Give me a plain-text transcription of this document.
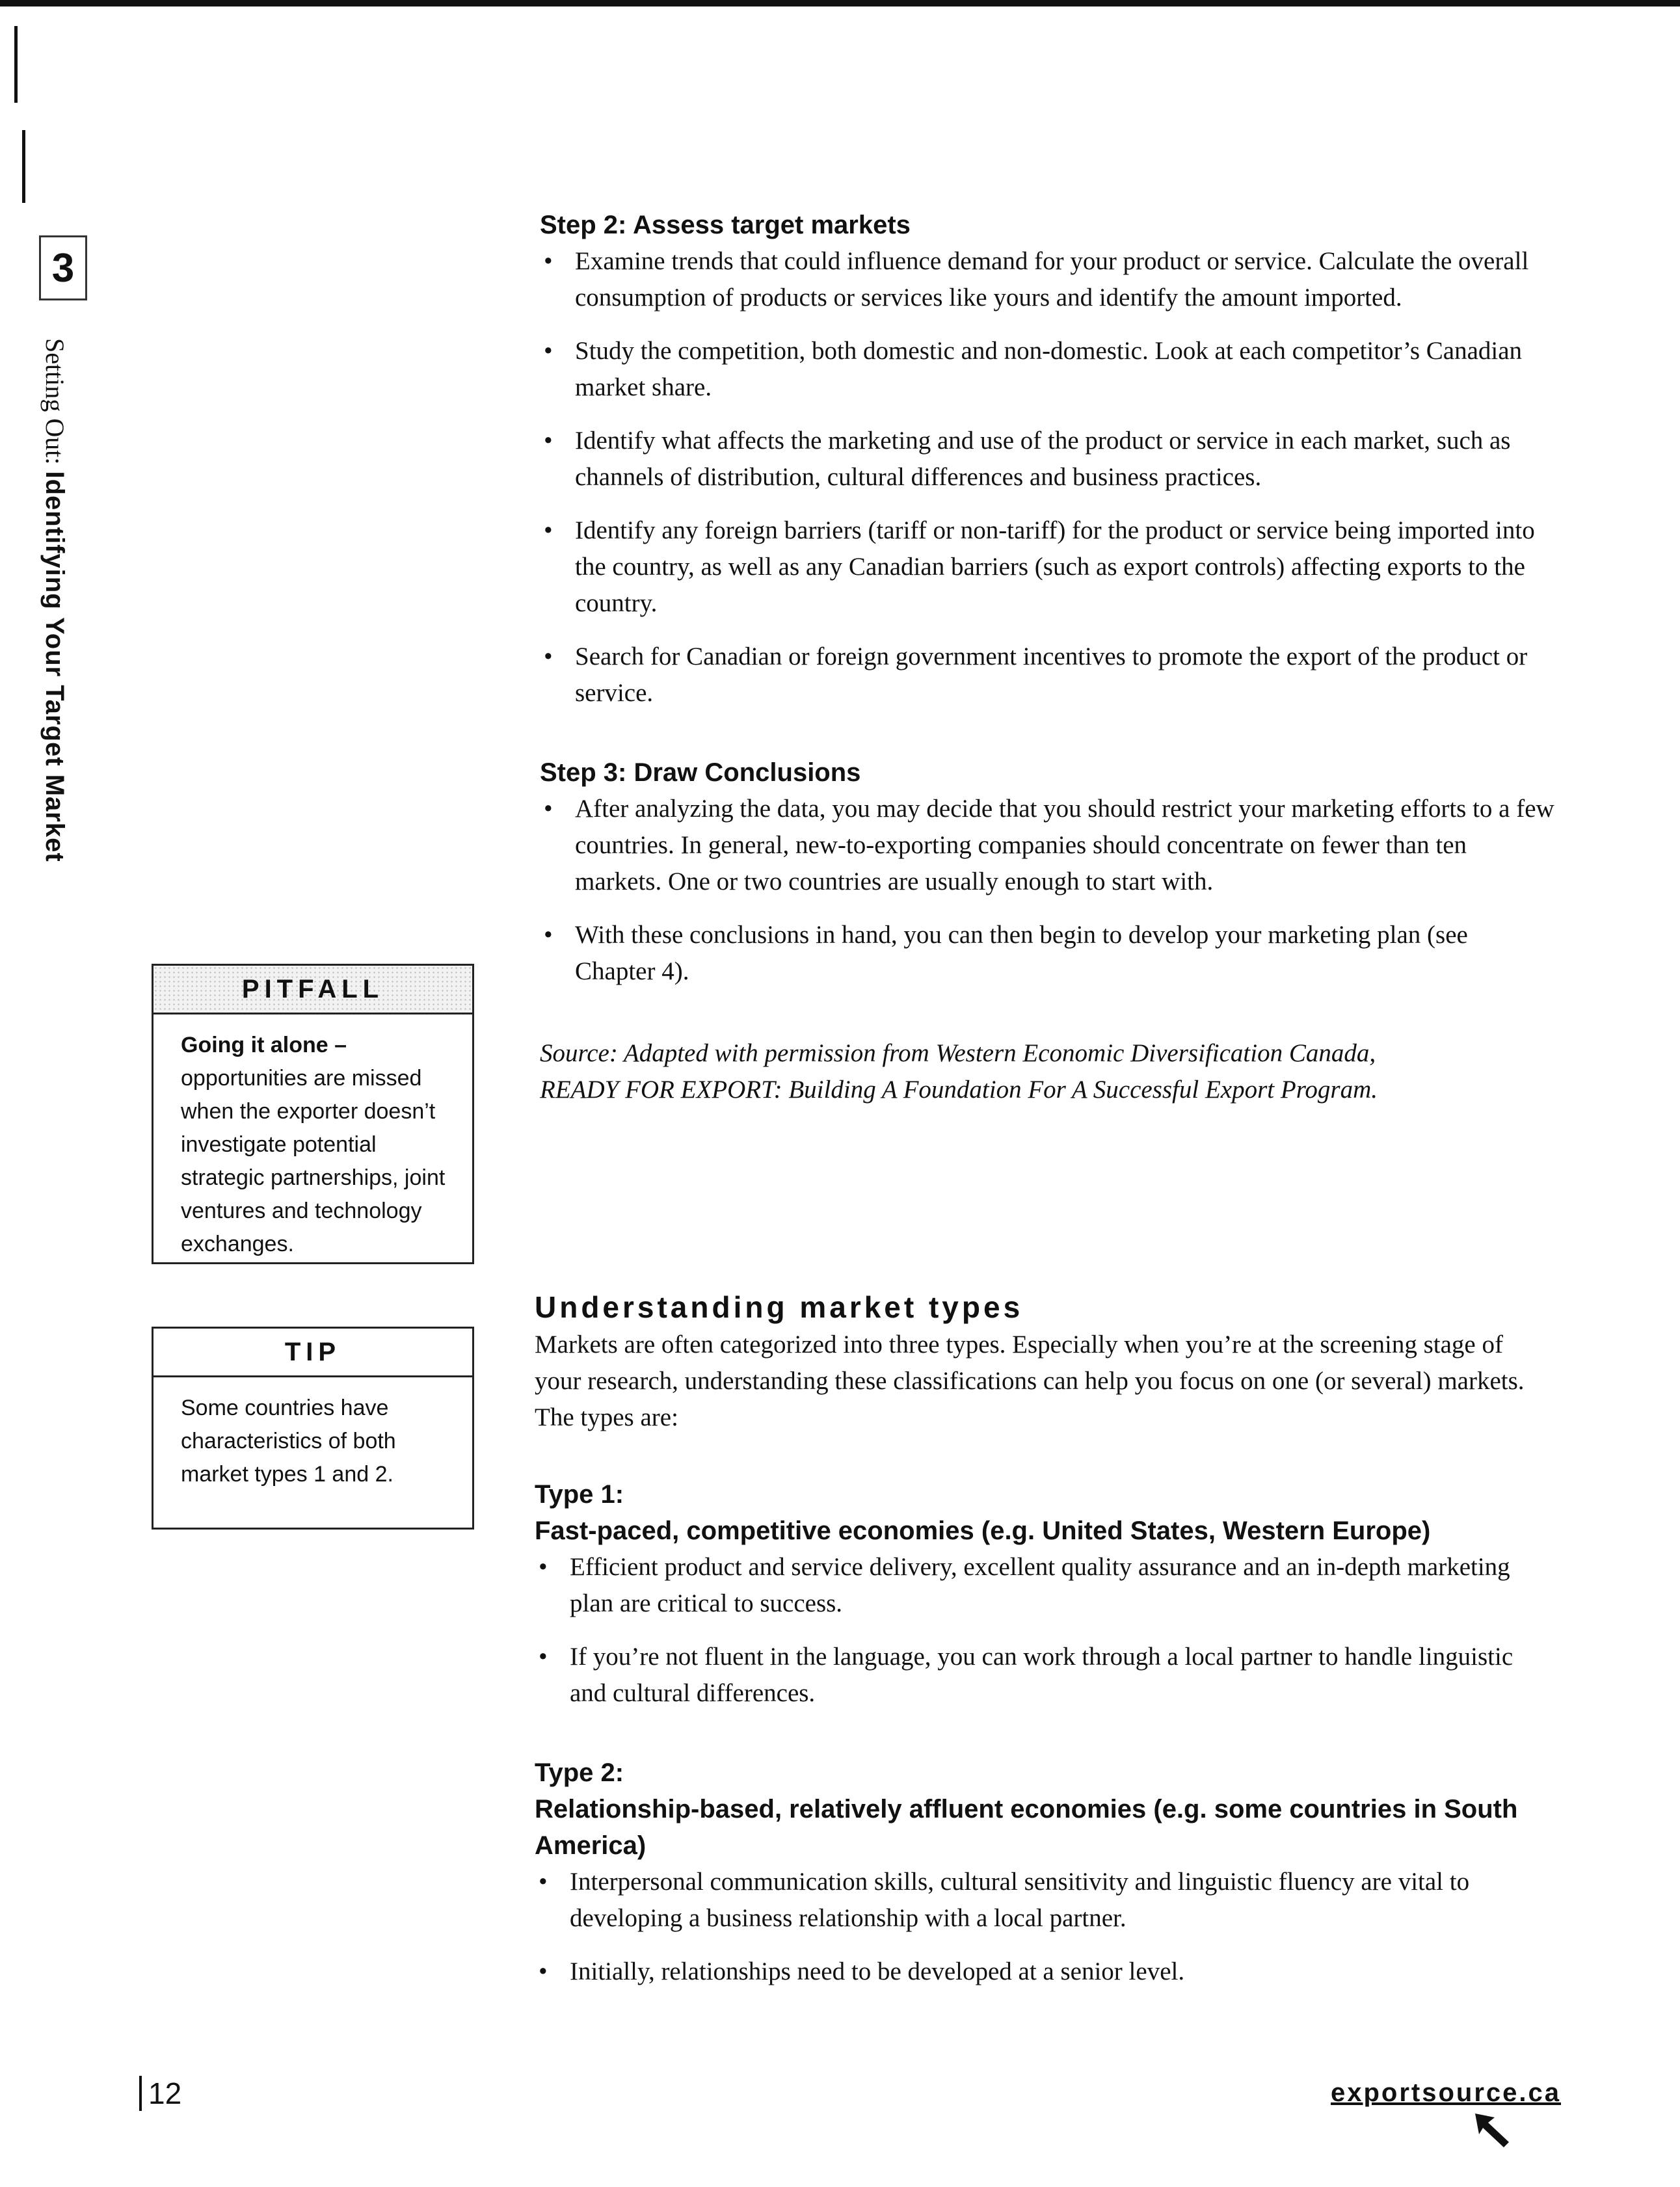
3
Setting Out: Identifying Your Target Market
Step 2: Assess target markets
• Examine trends that could influence demand for your product or service. Calculate the overall consumption of products or services like yours and identify the amount imported.
• Study the competition, both domestic and non-domestic. Look at each competitor’s Canadian market share.
• Identify what affects the marketing and use of the product or service in each market, such as channels of distribution, cultural differences and business practices.
• Identify any foreign barriers (tariff or non-tariff) for the product or service being imported into the country, as well as any Canadian barriers (such as export controls) affecting exports to the country.
• Search for Canadian or foreign government incentives to promote the export of the product or service.
Step 3: Draw Conclusions
• After analyzing the data, you may decide that you should restrict your marketing efforts to a few countries. In general, new-to-exporting companies should concentrate on fewer than ten markets. One or two countries are usually enough to start with.
• With these conclusions in hand, you can then begin to develop your marketing plan (see Chapter 4).
Source: Adapted with permission from Western Economic Diversification Canada,
READY FOR EXPORT: Building A Foundation For A Successful Export Program.
PITFALL
Going it alone –
opportunities are missed when the exporter doesn’t investigate potential strategic partnerships, joint ventures and technology exchanges.
TIP
Some countries have characteristics of both market types 1 and 2.
Understanding market types

Markets are often categorized into three types. Especially when you’re at the screening stage of your research, understanding these classifications can help you focus on one (or several) markets. The types are:

Type 1:
Fast-paced, competitive economies (e.g. United States, Western Europe)
• Efficient product and service delivery, excellent quality assurance and an in-depth marketing plan are critical to success.
• If you’re not fluent in the language, you can work through a local partner to handle linguistic and cultural differences.
Type 2:
Relationship-based, relatively affluent economies (e.g. some countries in South America)
• Interpersonal communication skills, cultural sensitivity and linguistic fluency are vital to developing a business relationship with a local partner.
• Initially, relationships need to be developed at a senior level.
12	exportsource.ca
